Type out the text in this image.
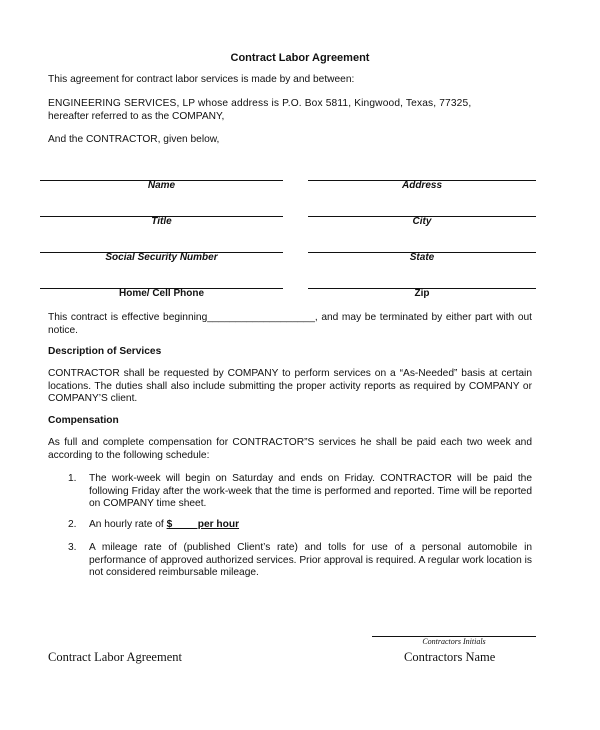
Contract Labor Agreement
This agreement for contract labor services is made by and between:
ENGINEERING SERVICES, LP whose address is P.O. Box 5811, Kingwood, Texas, 77325,
hereafter referred to as the COMPANY,
And the CONTRACTOR, given below,
Name	Address
Title	City
Social Security Number	State
Home/ Cell Phone	Zip
This contract is effective beginning___________________, and may be terminated by either part with out notice.
Description of Services
CONTRACTOR shall be requested by COMPANY to perform services on a “As-Needed” basis at certain locations. The duties shall also include submitting the proper activity reports as required by COMPANY or COMPANY’S client.
Compensation
As full and complete compensation for CONTRACTOR”S services he shall be paid each two week and according to the following schedule:
1. The work-week will begin on Saturday and ends on Friday. CONTRACTOR will be paid the following Friday after the work-week that the time is performed and reported. Time will be reported on COMPANY time sheet.
2. An hourly rate of $         per hour
3. A mileage rate of (published Client’s rate) and tolls for use of a personal automobile in performance of approved authorized services. Prior approval is required. A regular work location is not considered reimbursable mileage.
Contractors Initials
Contract Labor Agreement	Contractors Name
